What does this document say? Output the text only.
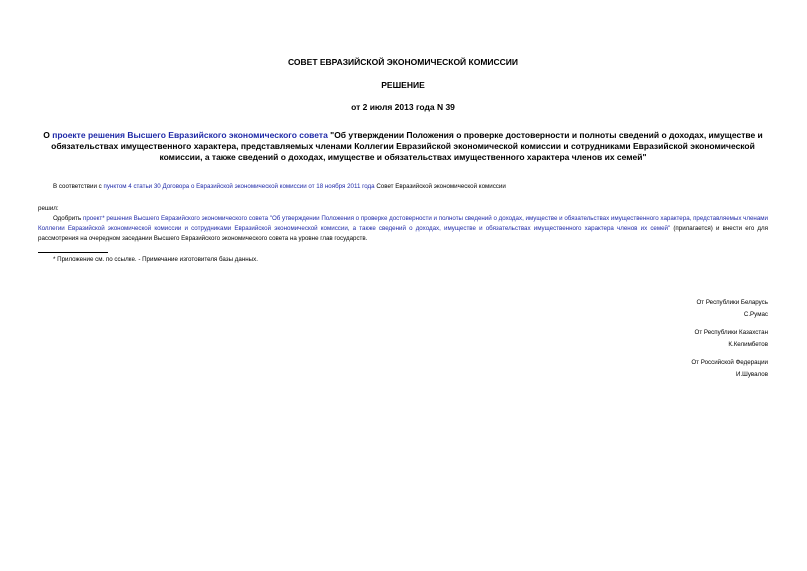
СОВЕТ ЕВРАЗИЙСКОЙ ЭКОНОМИЧЕСКОЙ КОМИССИИ
РЕШЕНИЕ
от 2 июля 2013 года N 39
О проекте решения Высшего Евразийского экономического совета "Об утверждении Положения о проверке достоверности и полноты сведений о доходах, имуществе и обязательствах имущественного характера, представляемых членами Коллегии Евразийской экономической комиссии и сотрудниками Евразийской экономической комиссии, а также сведений о доходах, имуществе и обязательствах имущественного характера членов их семей"
В соответствии с пунктом 4 статьи 30 Договора о Евразийской экономической комиссии от 18 ноября 2011 года Совет Евразийской экономической комиссии
решил:
Одобрить проект* решения Высшего Евразийского экономического совета "Об утверждении Положения о проверке достоверности и полноты сведений о доходах, имуществе и обязательствах имущественного характера, представляемых членами Коллегии Евразийской экономической комиссии и сотрудниками Евразийской экономической комиссии, а также сведений о доходах, имуществе и обязательствах имущественного характера членов их семей" (прилагается) и внести его для рассмотрения на очередном заседании Высшего Евразийского экономического совета на уровне глав государств.
* Приложение см. по ссылке. - Примечание изготовителя базы данных.
От Республики Беларусь
С.Румас
От Республики Казахстан
К.Келимбетов
От Российской Федерации
И.Шувалов
